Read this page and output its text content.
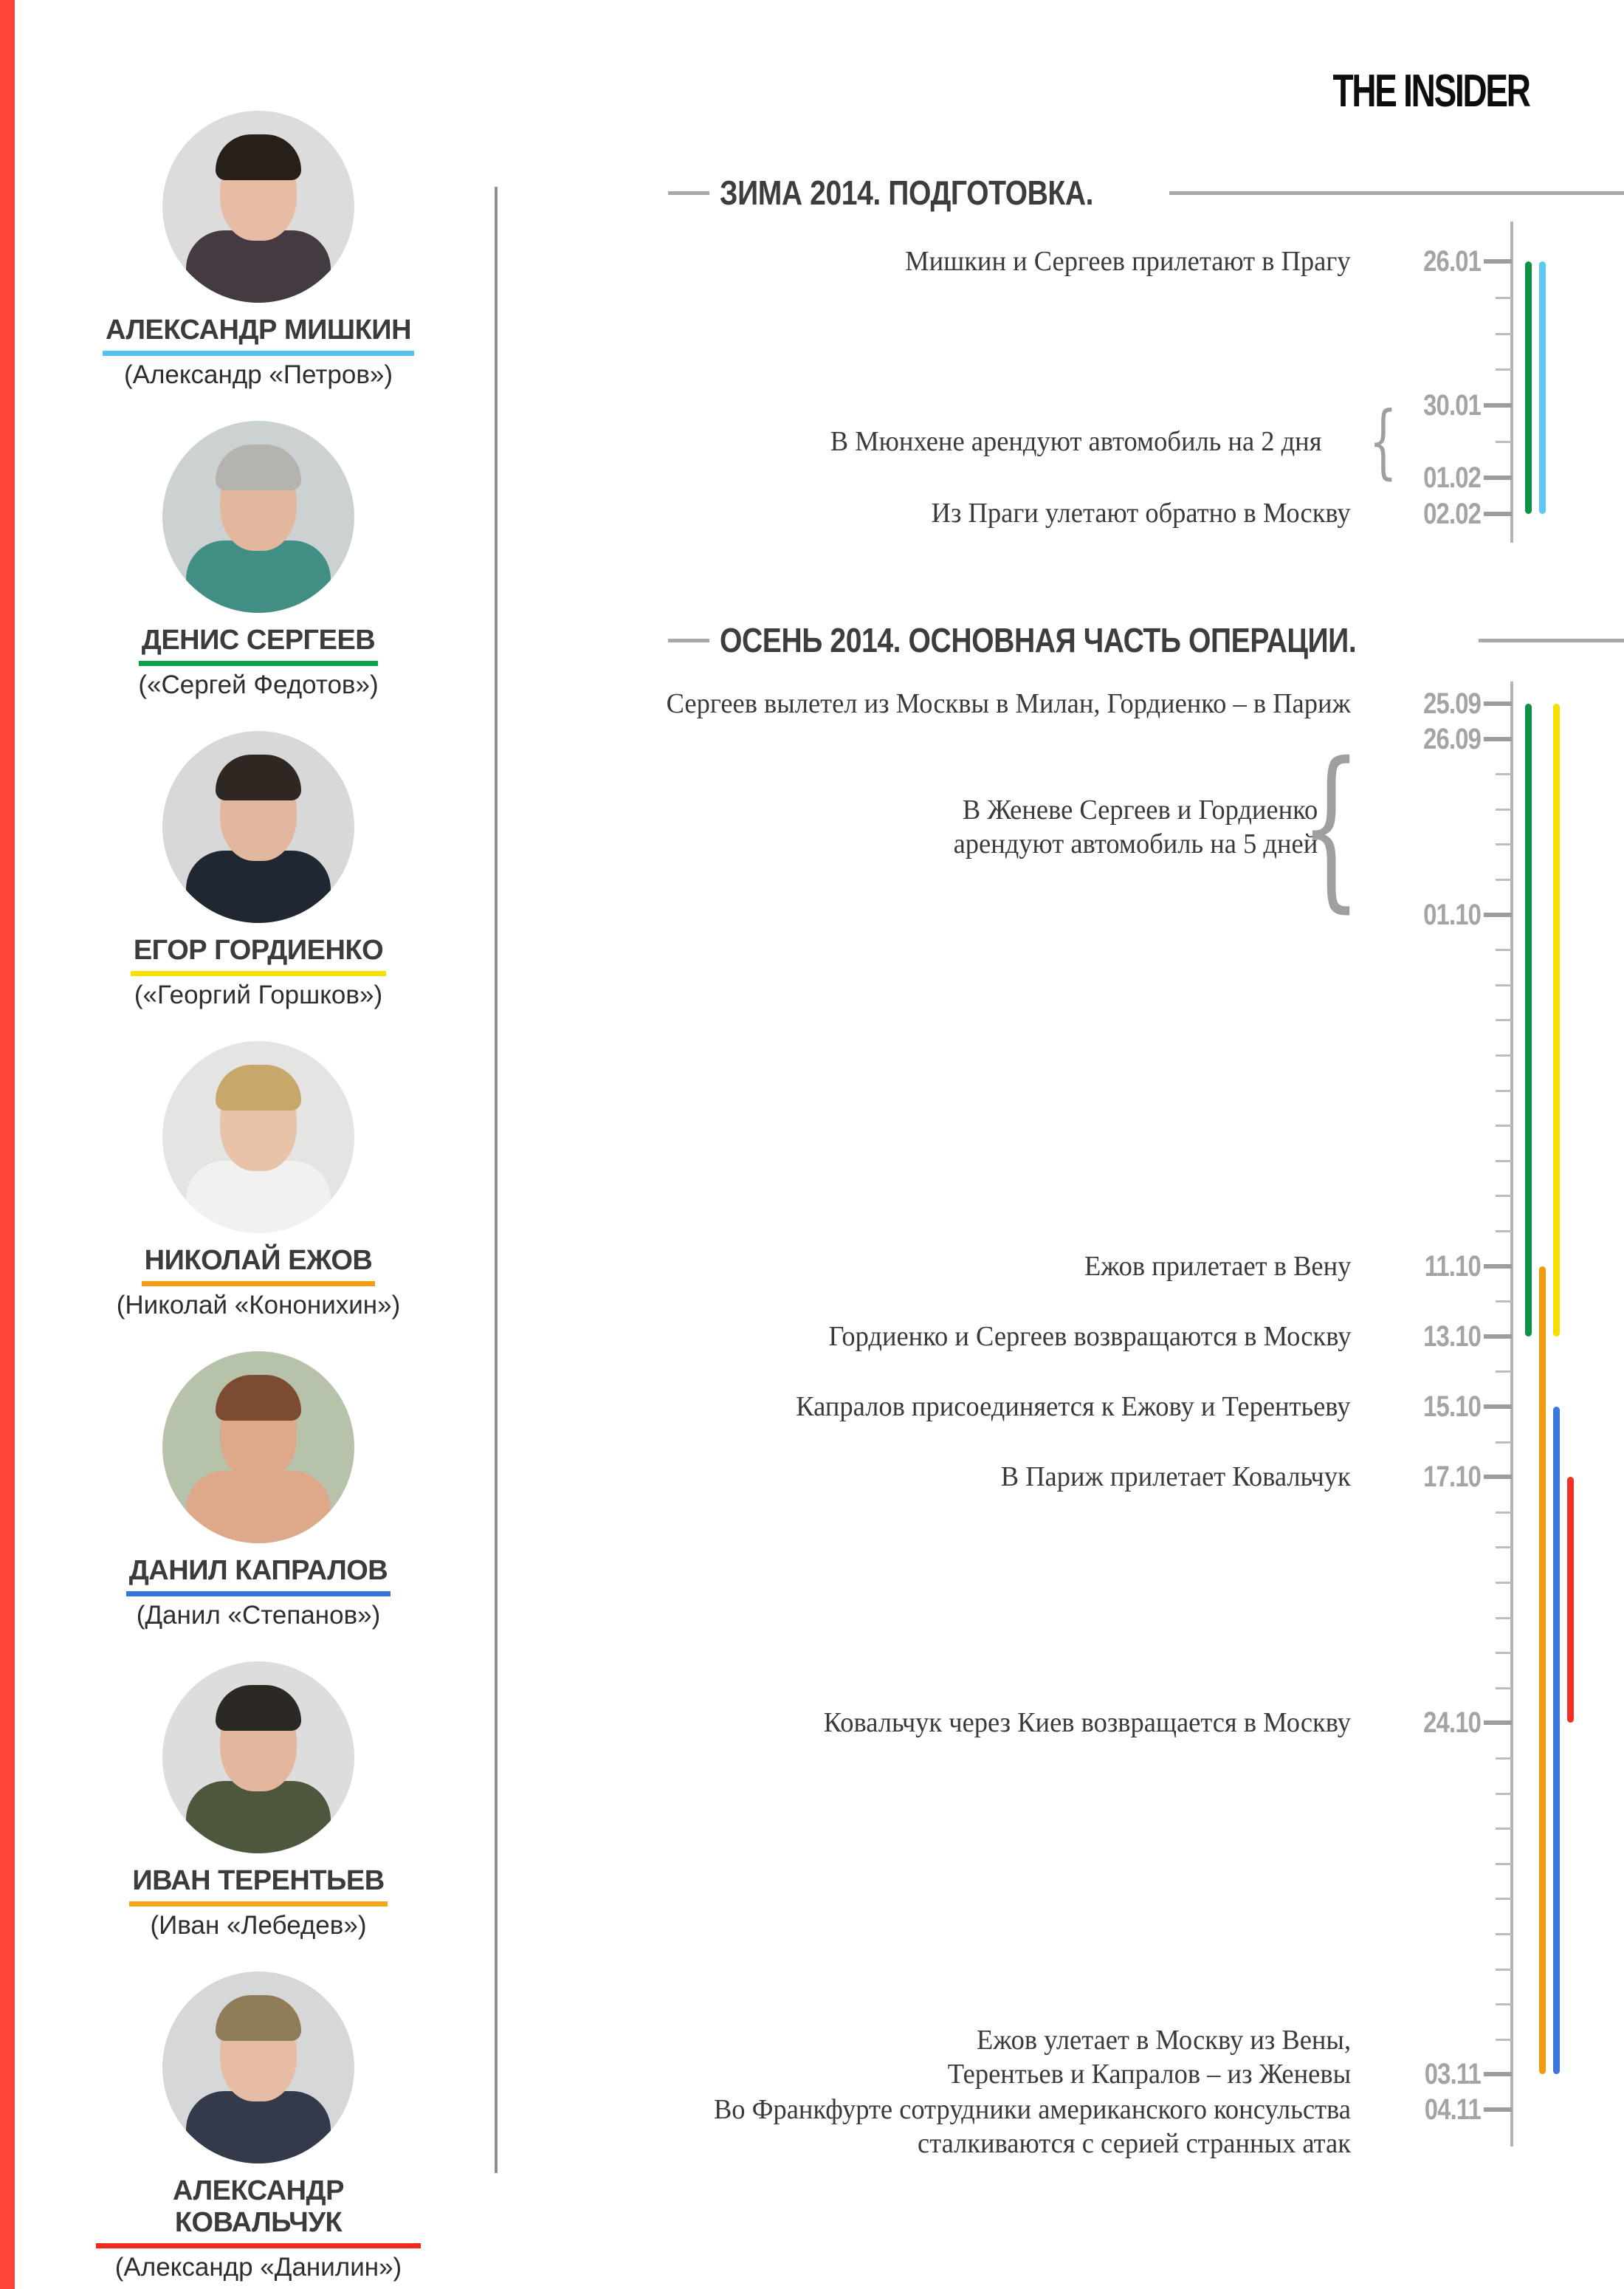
THE INSIDER
АЛЕКСАНДР МИШКИН
(Александр «Петров»)
ДЕНИС СЕРГЕЕВ
(«Сергей Федотов»)
ЕГОР ГОРДИЕНКО
(«Георгий Горшков»)
НИКОЛАЙ ЕЖОВ
(Николай «Кононихин»)
ДАНИЛ КАПРАЛОВ
(Данил «Степанов»)
ИВАН ТЕРЕНТЬЕВ
(Иван «Лебедев»)
АЛЕКСАНДР КОВАЛЬЧУК
(Александр «Данилин»)
ЗИМА 2014. ПОДГОТОВКА.
ОСЕНЬ 2014. ОСНОВНАЯ ЧАСТЬ ОПЕРАЦИИ.
26.01
30.01
01.02
02.02
Мишкин и Сергеев прилетают в Прагу
В Мюнхене арендуют автомобиль на 2 дня {
Из Праги улетают обратно в Москву
25.09
26.09
01.10
11.10
13.10
15.10
17.10
24.10
03.11
04.11
Сергеев вылетел из Москвы в Милан, Гордиенко – в Париж
В Женеве Сергеев и Гордиенко
арендуют автомобиль на 5 дней
{
Ежов прилетает в Вену
Гордиенко и Сергеев возвращаются в Москву
Капралов присоединяется к Ежову и Терентьеву
В Париж прилетает Ковальчук
Ковальчук через Киев возвращается в Москву
Ежов улетает в Москву из Вены,
Терентьев и Капралов – из Женевы
Во Франкфурте сотрудники американского консульства
сталкиваются с серией странных атак
